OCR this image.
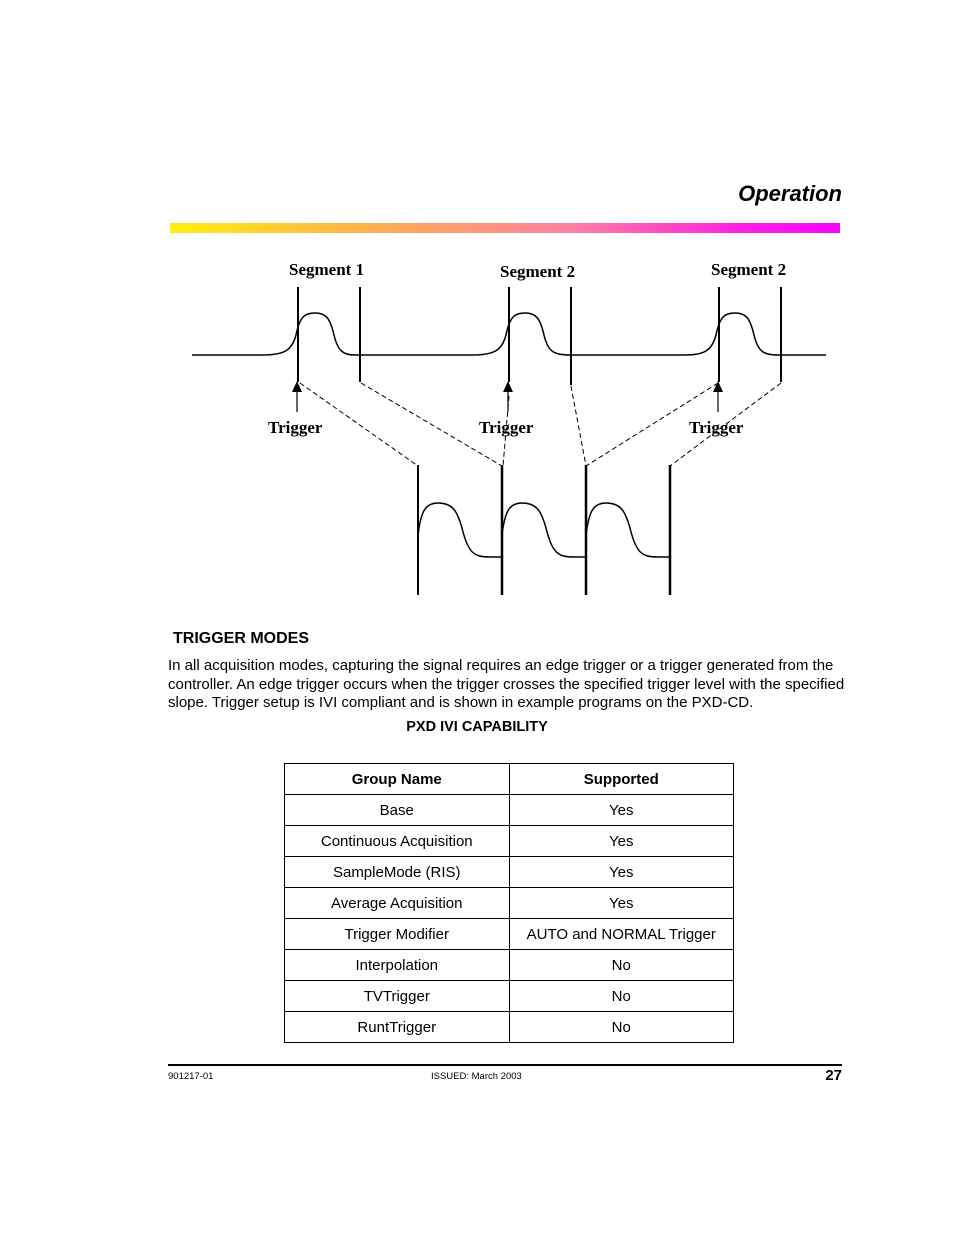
Operation
Segment 1	Segment 2	Segment 2
Trigger	Trigger	Trigger
TRIGGER MODES
In all acquisition modes, capturing the signal requires an edge trigger or a trigger generated from the controller. An edge trigger occurs when the trigger crosses the specified trigger level with the specified slope. Trigger setup is IVI compliant and is shown in example programs on the PXD-CD.
PXD IVI CAPABILITY
Group Name	Supported
Base	Yes
Continuous Acquisition	Yes
SampleMode (RIS)	Yes
Average Acquisition	Yes
Trigger Modifier	AUTO and NORMAL Trigger
Interpolation	No
TVTrigger	No
RuntTrigger	No
901217-01	ISSUED: March 2003	27
